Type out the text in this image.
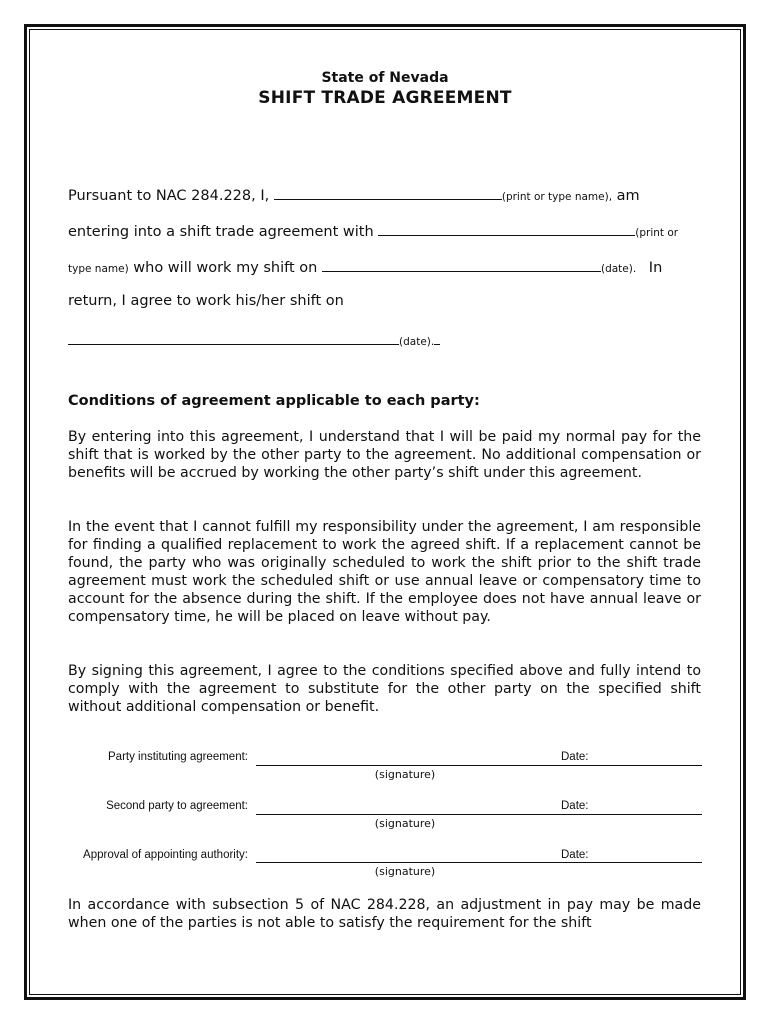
State of Nevada
SHIFT TRADE AGREEMENT
Pursuant to NAC 284.228, I,	(print or type name), am
entering into a shift trade agreement with	(print or
type name) who will work my shift on	(date). In
return, I agree to work his/her shift on
(date).
Conditions of agreement applicable to each party:
By entering into this agreement, I understand that I will be paid my normal pay for the shift that is worked by the other party to the agreement. No additional compensation or benefits will be accrued by working the other party’s shift under this agreement.
In the event that I cannot fulfill my responsibility under the agreement, I am responsible for finding a qualified replacement to work the agreed shift. If a replacement cannot be found, the party who was originally scheduled to work the shift prior to the shift trade agreement must work the scheduled shift or use annual leave or compensatory time to account for the absence during the shift. If the employee does not have annual leave or compensatory time, he will be placed on leave without pay.
By signing this agreement, I agree to the conditions specified above and fully intend to comply with the agreement to substitute for the other party on the specified shift without additional compensation or benefit.
Party instituting agreement:	Date:
(signature)
Second party to agreement:	Date:
(signature)
Approval of appointing authority:	Date:
(signature)
In accordance with subsection 5 of NAC 284.228, an adjustment in pay may be made when one of the parties is not able to satisfy the requirement for the shift
